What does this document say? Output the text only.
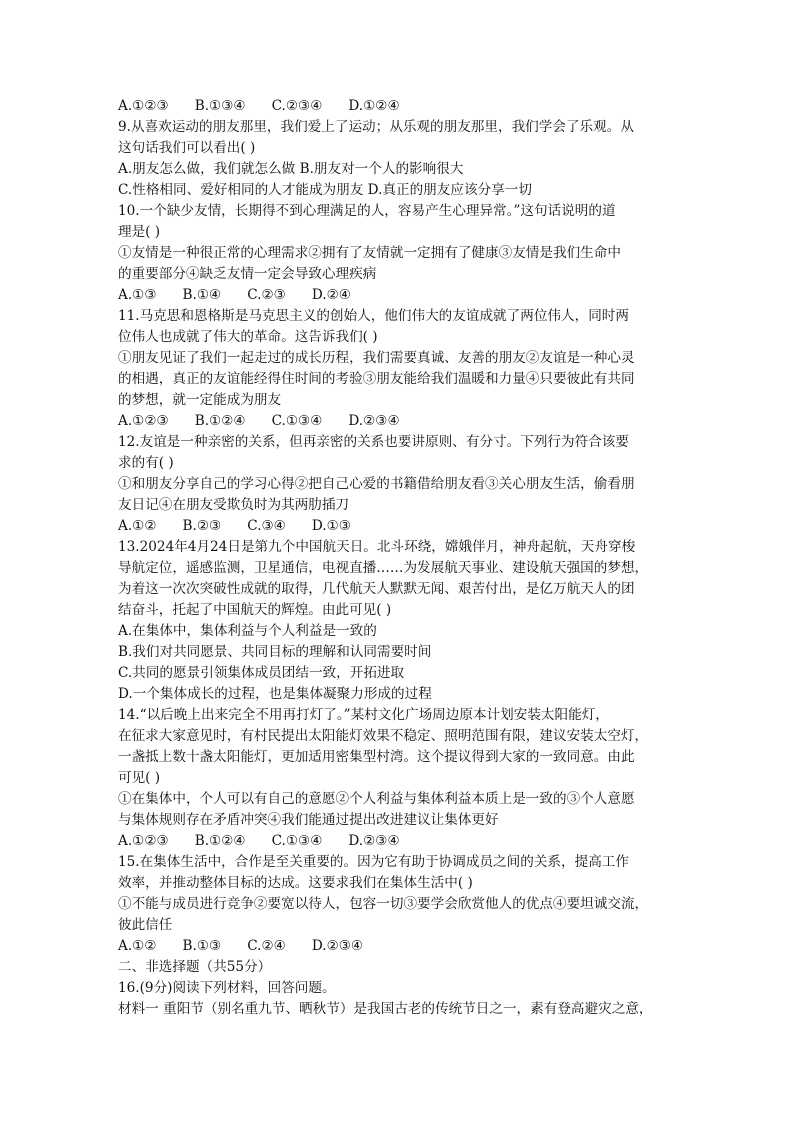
A.①②③ B.①③④ C.②③④ D.①②④
9.从喜欢运动的朋友那里，我们爱上了运动；从乐观的朋友那里，我们学会了乐观。从
这句话我们可以看出( )
A.朋友怎么做，我们就怎么做 B.朋友对一个人的影响很大
C.性格相同、爱好相同的人才能成为朋友 D.真正的朋友应该分享一切
10.一个缺少友情，长期得不到心理满足的人，容易产生心理异常。”这句话说明的道
理是( )
①友情是一种很正常的心理需求②拥有了友情就一定拥有了健康③友情是我们生命中
的重要部分④缺乏友情一定会导致心理疾病
A.①③ B.①④ C.②③ D.②④
11.马克思和恩格斯是马克思主义的创始人，他们伟大的友谊成就了两位伟人，同时两
位伟人也成就了伟大的革命。这告诉我们( )
①朋友见证了我们一起走过的成长历程，我们需要真诚、友善的朋友②友谊是一种心灵
的相遇，真正的友谊能经得住时间的考验③朋友能给我们温暖和力量④只要彼此有共同
的梦想，就一定能成为朋友
A.①②③ B.①②④ C.①③④ D.②③④
12.友谊是一种亲密的关系，但再亲密的关系也要讲原则、有分寸。下列行为符合该要
求的有( )
①和朋友分享自己的学习心得②把自己心爱的书籍借给朋友看③关心朋友生活，偷看朋
友日记④在朋友受欺负时为其两肋插刀
A.①② B.②③ C.③④ D.①③
13.2024年4月24日是第九个中国航天日。北斗环绕，嫦娥伴月，神舟起航，天舟穿梭
导航定位，遥感监测，卫星通信，电视直播……为发展航天事业、建设航天强国的梦想，
为着这一次次突破性成就的取得，几代航天人默默无闻、艰苦付出，是亿万航天人的团
结奋斗，托起了中国航天的辉煌。由此可见( )
A.在集体中，集体利益与个人利益是一致的
B.我们对共同愿景、共同目标的理解和认同需要时间
C.共同的愿景引领集体成员团结一致，开拓进取
D.一个集体成长的过程，也是集体凝聚力形成的过程
14.“以后晚上出来完全不用再打灯了。”某村文化广场周边原本计划安装太阳能灯，
在征求大家意见时，有村民提出太阳能灯效果不稳定、照明范围有限，建议安装太空灯，
一盏抵上数十盏太阳能灯，更加适用密集型村湾。这个提议得到大家的一致同意。由此
可见( )
①在集体中，个人可以有自己的意愿②个人利益与集体利益本质上是一致的③个人意愿
与集体规则存在矛盾冲突④我们能通过提出改进建议让集体更好
A.①②③ B.①②④ C.①③④ D.②③④
15.在集体生活中，合作是至关重要的。因为它有助于协调成员之间的关系，提高工作
效率，并推动整体目标的达成。这要求我们在集体生活中( )
①不能与成员进行竞争②要宽以待人，包容一切③要学会欣赏他人的优点④要坦诚交流，
彼此信任
A.①② B.①③ C.②④ D.②③④
二、非选择题（共55分）
16.(9分)阅读下列材料，回答问题。
材料一 重阳节（别名重九节、晒秋节）是我国古老的传统节日之一，素有登高避灾之意，
